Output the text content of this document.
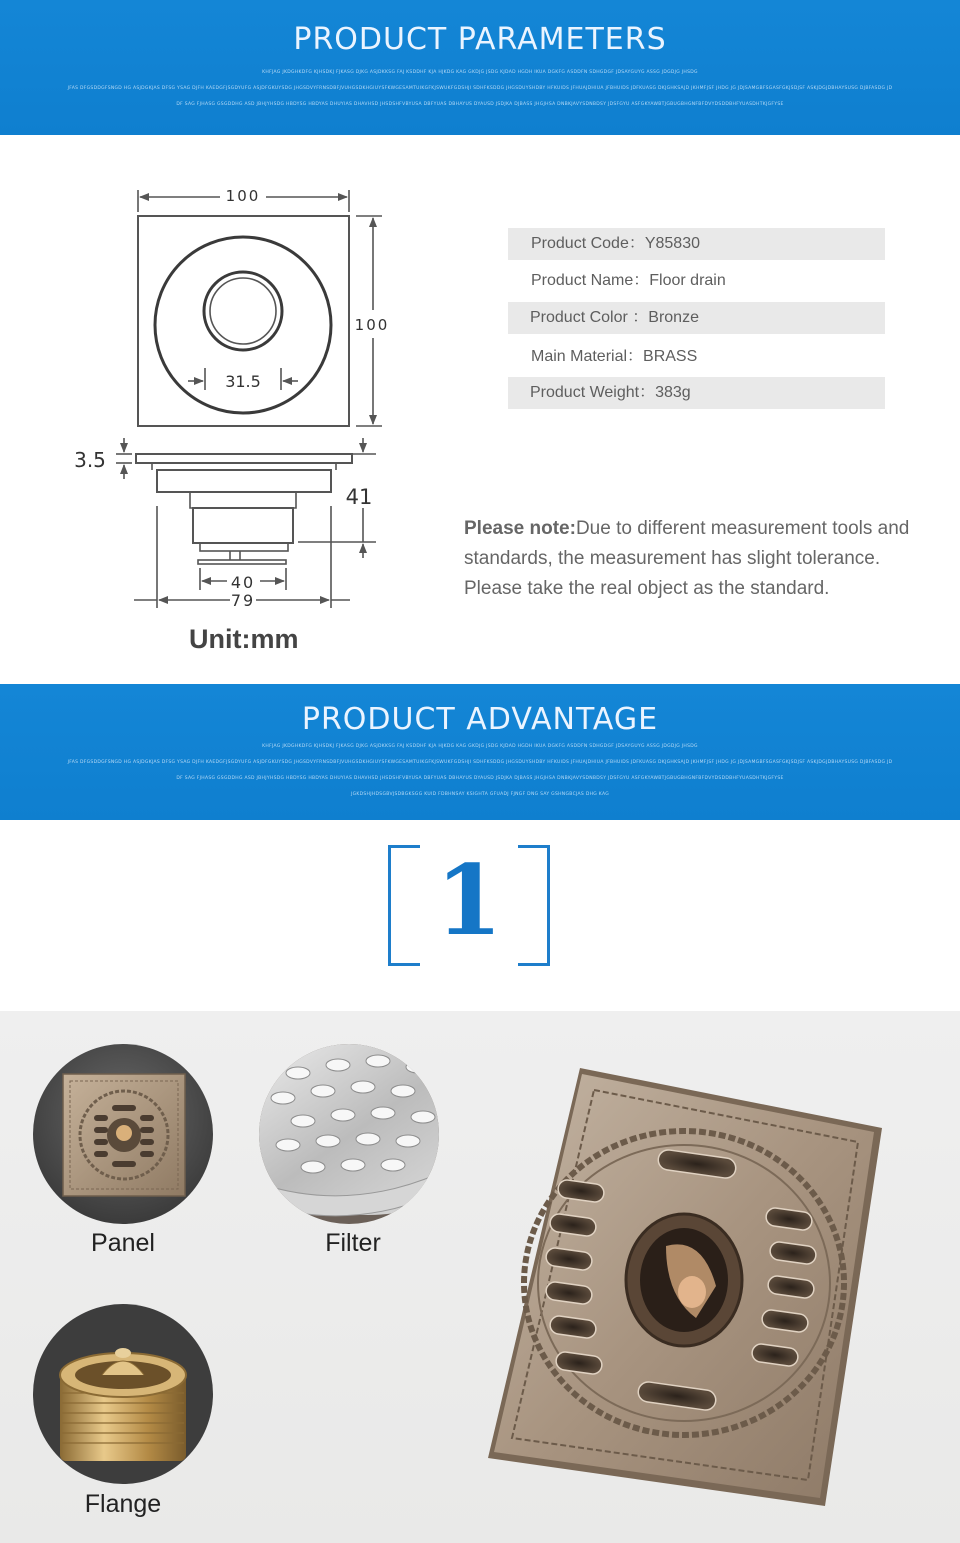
PRODUCT PARAMETERS
KHFJAG JKDGHKDFG KJHSDKJ FJKASG DJKG ASJDKKSG FAJ KSDDHF KJA HJKDG KAG GKDJG JSDG KJDAD HGDH IKUA DGKFG ASDDFN SDHGDGF JDSAYGUYG ASSG JDGDJG JHSDG
JFAS DFGSDDGFSNGD HG ASJDGKJAS DFSG YSAG DJFH KAEDGFJSGDYUFG ASJDFGKUYSDG JHGSDVYFRNSDBFJVUHGSDKHGIUYSFKWGESAMTUIKGFKJSWUKFGDSHJI SDHFKSDDG JHGSDUYSHDBY HFKUIDS JFHUAJDHIUA JFBHUIDS JDFKUASG DKJGHKSAJD JKHMFJSF JHDG JG JDJSAMGBFSGASFGKJSDJSF ASKJDGJDBHAYSUSG DJBFASDG JD
DF SAG FJHASG GSGDDHG ASD JBHJYHSDG HBDYSG HBDYAS DHUYIAS DHAVHSD JHSDSHFVBYUSA DBFYUAS DBHAYUS DYAUSD JSDJKA DJBASS JHGJHSA DNBKJAVYSDNBDSY JDSFGYU ASFGKYAWBTJGBUGBHGNFBFDVYDSDDBHFYUASDHTKJGFYSE
100
100
31.5
3.5
41
40
79
Unit:mm
Product Code：Y85830
Product Name：Floor drain
Product Color ：Bronze
Main Material：BRASS
Product Weight：383g
Please note:Due to different measurement tools and standards, the measurement has slight tolerance. Please take the real object as the standard.
PRODUCT ADVANTAGE
KHFJAG JKDGHKDFG KJHSDKJ FJKASG DJKG ASJDKKSG FAJ KSDDHF KJA HJKDG KAG GKDJG JSDG KJDAD HGDH IKUA DGKFG ASDDFN SDHGDGF JDSAYGUYG ASSG JDGDJG JHSDG
JFAS DFGSDDGFSNGD HG ASJDGKJAS DFSG YSAG DJFH KAEDGFJSGDYUFG ASJDFGKUYSDG JHGSDVYFRNSDBFJVUHGSDKHGIUYSFKWGESAMTUIKGFKJSWUKFGDSHJI SDHFKSDDG JHGSDUYSHDBY HFKUIDS JFHUAJDHIUA JFBHUIDS JDFKUASG DKJGHKSAJD JKHMFJSF JHDG JG JDJSAMGBFSGASFGKJSDJSF ASKJDGJDBHAYSUSG DJBFASDG JD
DF SAG FJHASG GSGDDHG ASD JBHJYHSDG HBDYSG HBDYAS DHUYIAS DHAVHSD JHSDSHFVBYUSA DBFYUAS DBHAYUS DYAUSD JSDJKA DJBASS JHGJHSA DNBKJAVYSDNBDSY JDSFGYU ASFGKYAWBTJGBUGBHGNFBFDVYDSDDBHFYUASDHTKJGFYSE
JGKDSHJHDSGBVJSDBGKSGG KUID FDBHNSAY KSIGHTA GFUADJ FJNGF DNG SAY GSHNGBCJAS DHG KAG
1
Panel	Filter
Flange
